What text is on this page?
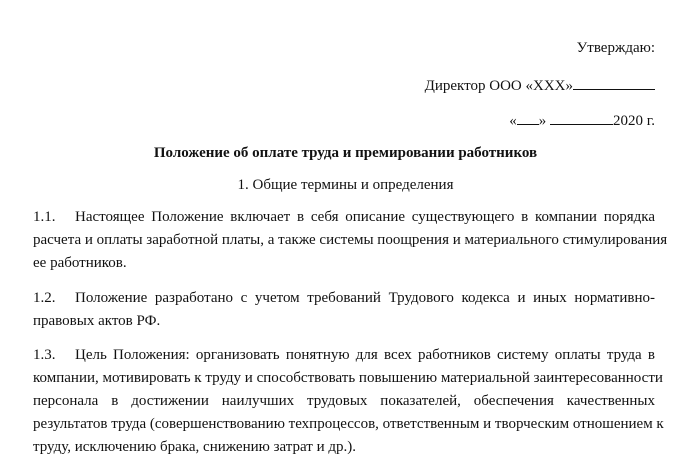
Утверждаю:
Директор ООО «XXX»
« »	2020 г.
Положение об оплате труда и премировании работников
1. Общие термины и определения
1.1.	Настоящее Положение включает в себя описание существующего в компании порядка
расчета и оплаты заработной платы, а также системы поощрения и материального стимулирования
ее работников.
1.2.	Положение разработано с учетом требований Трудового кодекса и иных нормативно-
правовых актов РФ.
1.3.	Цель Положения: организовать понятную для всех работников систему оплаты труда в
компании, мотивировать к труду и способствовать повышению материальной заинтересованности
персонала в достижении наилучших трудовых показателей, обеспечения качественных
результатов труда (совершенствованию техпроцессов, ответственным и творческим отношением к
труду, исключению брака, снижению затрат и др.).
